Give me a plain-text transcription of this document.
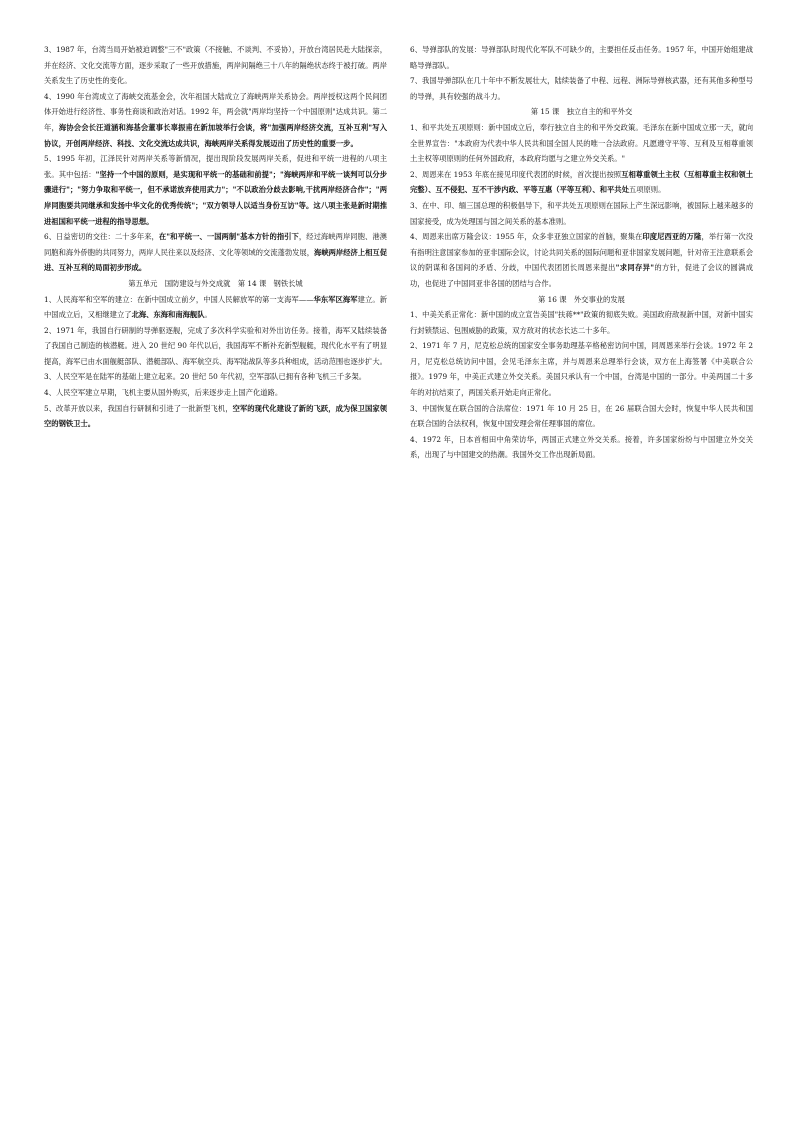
3、1987 年，台湾当局开始被迫调整"三不"政策（不接触、不谈判、不妥协），开放台湾居民赴大陆探亲，并在经济、文化交流等方面，逐步采取了一些开放措施，两岸间隔绝三十八年的隔绝状态终于被打破。两岸关系发生了历史性的变化。

4、1990 年台湾成立了海峡交流基金会，次年祖国大陆成立了海峡两岸关系协会。两岸授权这两个民间团体开始进行经济性、事务性商谈和政治对话。1992 年，两会就"两岸均坚持一个中国原则"达成共识。第二年，海协会会长汪道涵和海基会董事长辜振甫在新加坡举行会谈，将"加强两岸经济交流，互补互利"写入协议，开创两岸经济、科技、文化交流达成共识，海峡两岸关系得发展迈出了历史性的重要一步。

5、1995 年初，江泽民针对两岸关系等新情况，提出现阶段发展两岸关系，促进和平统一进程的八项主张。其中包括："坚持一个中国的原则，是实现和平统一的基础和前提"；"海峡两岸和平统一谈判可以分步骤进行"；"努力争取和平统一，但不承诺放弃使用武力"；"不以政治分歧去影响,干扰两岸经济合作"；"两岸同胞要共同继承和发扬中华文化的优秀传统"；"双方领导人以适当身份互访"等。这八项主张是新时期推进祖国和平统一进程的指导思想。

6、日益密切的交往：二十多年来，在"和平统一、一国两制"基本方针的指引下，经过海峡两岸同胞、港澳同胞和海外侨胞的共同努力，两岸人民往来以及经济、文化等领域的交流蓬勃发展，海峡两岸经济上相互促进、互补互利的局面初步形成。

第五单元　国防建设与外交成就　第 14 课　钢铁长城

1、人民海军和空军的建立：在新中国成立前夕，中国人民解放军的第一支海军——华东军区海军建立。新中国成立后，又相继建立了北海、东海和南海舰队。

2、1971 年，我国自行研制的导弹驱逐舰，完成了多次科学实验和对外出访任务。接着，海军又陆续装备了我国自己制造的核潜艇。进入 20 世纪 90 年代以后，我国海军不断补充新型舰艇，现代化水平有了明显提高，海军已由水面舰艇部队、潜艇部队、海军航空兵、海军陆战队等多兵种组成，活动范围也逐步扩大。

3、人民空军是在陆军的基础上建立起来。20 世纪 50 年代初，空军部队已拥有各种飞机三千多架。

4、人民空军建立早期，飞机主要从国外购买，后来逐步走上国产化道路。

5、改革开放以来，我国自行研制和引进了一批新型飞机，空军的现代化建设了新的飞跃，成为保卫国家领空的钢铁卫士。

6、导弹部队的发展：导弹部队时现代化军队不可缺少的，主要担任反击任务。1957 年，中国开始组建战略导弹部队。

7、我国导弹部队在几十年中不断发展壮大，陆续装备了中程、远程、洲际导弹核武器，还有其他多种型号的导弹，具有较强的战斗力。

第 15 课　独立自主的和平外交

1、和平共处五项原则：新中国成立后，奉行独立自主的和平外交政策。毛泽东在新中国成立那一天，就向全世界宣告："本政府为代表中华人民共和国全国人民的唯一合法政府。凡愿遵守平等、互利及互相尊重领土主权等项原则的任何外国政府，本政府均愿与之建立外交关系。"

2、周恩来在 1953 年底在接见印度代表团的时候，首次提出按照互相尊重领土主权（互相尊重主权和领土完整）、互不侵犯、互不干涉内政、平等互惠（平等互利）、和平共处五项原则。

3、在中、印、缅三国总理的积极倡导下，和平共处五项原则在国际上产生深远影响，被国际上越来越多的国家接受，成为处理国与国之间关系的基本准则。

4、周恩来出席万隆会议：1955 年，众多非亚独立国家的首脑，聚集在印度尼西亚的万隆，举行第一次没有指明注意国家参加的亚非国际会议，讨论共同关系的国际问题和亚非国家发展问题，针对帝王注意联系会议的阴谋和各国间的矛盾、分歧，中国代表团团长周恩来提出"求同存异"的方针，促进了会议的圆满成功，也促进了中国同亚非各国的团结与合作。

第 16 课　外交事业的发展

1、中美关系正常化：新中国的成立宣告美国"扶蒋**"政策的彻底失败。美国政府敌视新中国，对新中国实行封锁禁运、包围威胁的政策，双方敌对的状态长达二十多年。

2、1971 年 7 月，尼克松总统的国家安全事务助理基辛格秘密访问中国，同周恩来举行会谈。1972 年 2 月，尼克松总统访问中国，会见毛泽东主席，并与周恩来总理举行会谈，双方在上海签署《中美联合公报》。1979 年，中美正式建立外交关系。美国只承认有一个中国，台湾是中国的一部分。中美两国二十多年的对抗结束了，两国关系开始走向正常化。

3、中国恢复在联合国的合法席位：1971 年 10 月 25 日，在 26 届联合国大会时，恢复中华人民共和国在联合国的合法权利，恢复中国安理会常任理事国的席位。

4、1972 年，日本首相田中角荣访华，两国正式建立外交关系。接着，许多国家纷纷与中国建立外交关系，出现了与中国建交的热潮。我国外交工作出现新局面。
